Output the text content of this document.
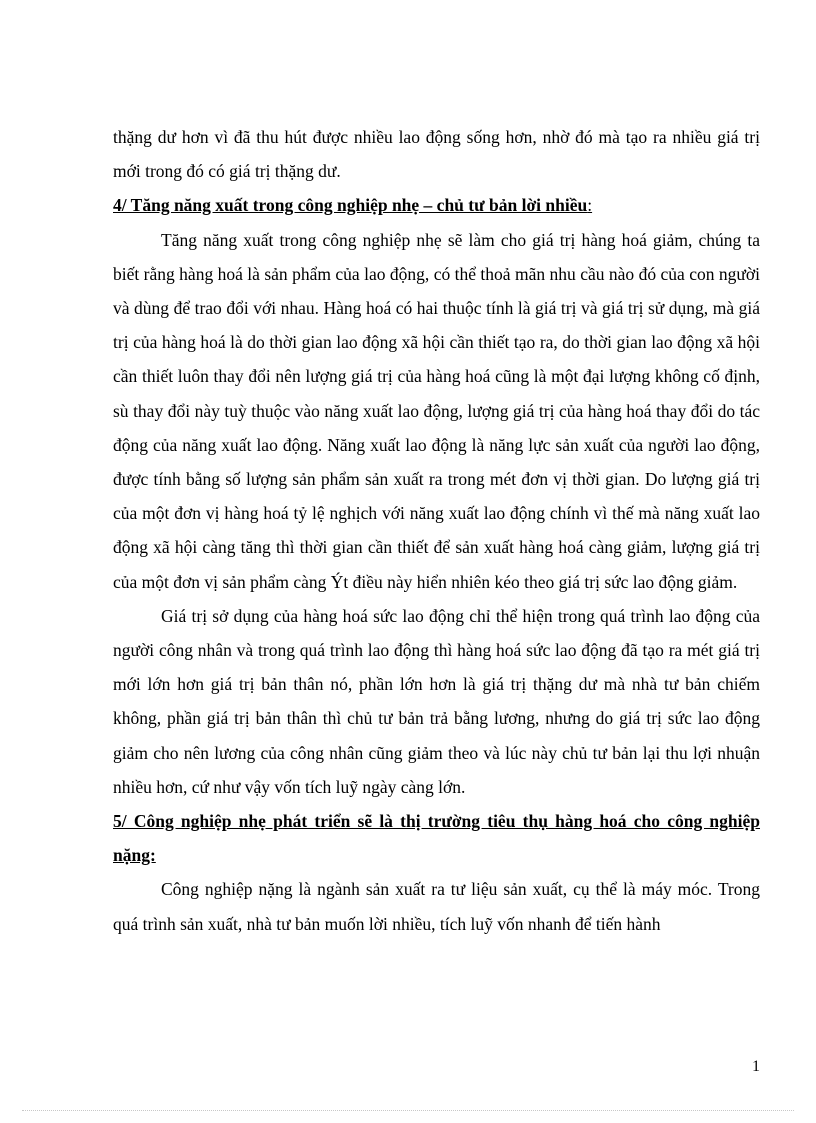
thặng dư hơn vì đã thu hút được nhiều lao động sống hơn, nhờ đó mà tạo ra nhiều giá trị mới trong đó có giá trị thặng dư.

4/ Tăng năng xuất trong công nghiệp nhẹ – chủ tư bản lời nhiều:

Tăng năng xuất trong công nghiệp nhẹ sẽ làm cho giá trị hàng hoá giảm, chúng ta biết rằng hàng hoá là sản phẩm của lao động, có thể thoả mãn nhu cầu nào đó của con người và dùng để trao đổi với nhau. Hàng hoá có hai thuộc tính là giá trị và giá trị sử dụng, mà giá trị của hàng hoá là do thời gian lao động xã hội cần thiết tạo ra, do thời gian lao động xã hội cần thiết luôn thay đổi nên lượng giá trị của hàng hoá cũng là một đại lượng không cố định, sù thay đổi này tuỳ thuộc vào năng xuất lao động, lượng giá trị của hàng hoá thay đổi do tác động của năng xuất lao động. Năng xuất lao động là năng lực sản xuất của người lao động, được tính bằng số lượng sản phẩm sản xuất ra trong mét đơn vị thời gian. Do lượng giá trị của một đơn vị hàng hoá tỷ lệ nghịch với năng xuất lao động chính vì thế mà năng xuất lao động xã hội càng tăng thì thời gian cần thiết để sản xuất hàng hoá càng giảm, lượng giá trị của một đơn vị sản phẩm càng Ýt điều này hiển nhiên kéo theo giá trị sức lao động giảm.

Giá trị sở dụng của hàng hoá sức lao động chỉ thể hiện trong quá trình lao động của người công nhân và trong quá trình lao động thì hàng hoá sức lao động đã tạo ra mét giá trị mới lớn hơn giá trị bản thân nó, phần lớn hơn là giá trị thặng dư mà nhà tư bản chiếm không, phần giá trị bản thân thì chủ tư bản trả bằng lương, nhưng do giá trị sức lao động giảm cho nên lương của công nhân cũng giảm theo và lúc này chủ tư bản lại thu lợi nhuận nhiều hơn, cứ như vậy vốn tích luỹ ngày càng lớn.

5/ Công nghiệp nhẹ phát triển sẽ là thị trường tiêu thụ hàng hoá cho công nghiệp nặng:

Công nghiệp nặng là ngành sản xuất ra tư liệu sản xuất, cụ thể là máy móc. Trong quá trình sản xuất, nhà tư bản muốn lời nhiều, tích luỹ vốn nhanh để tiến hành

1
